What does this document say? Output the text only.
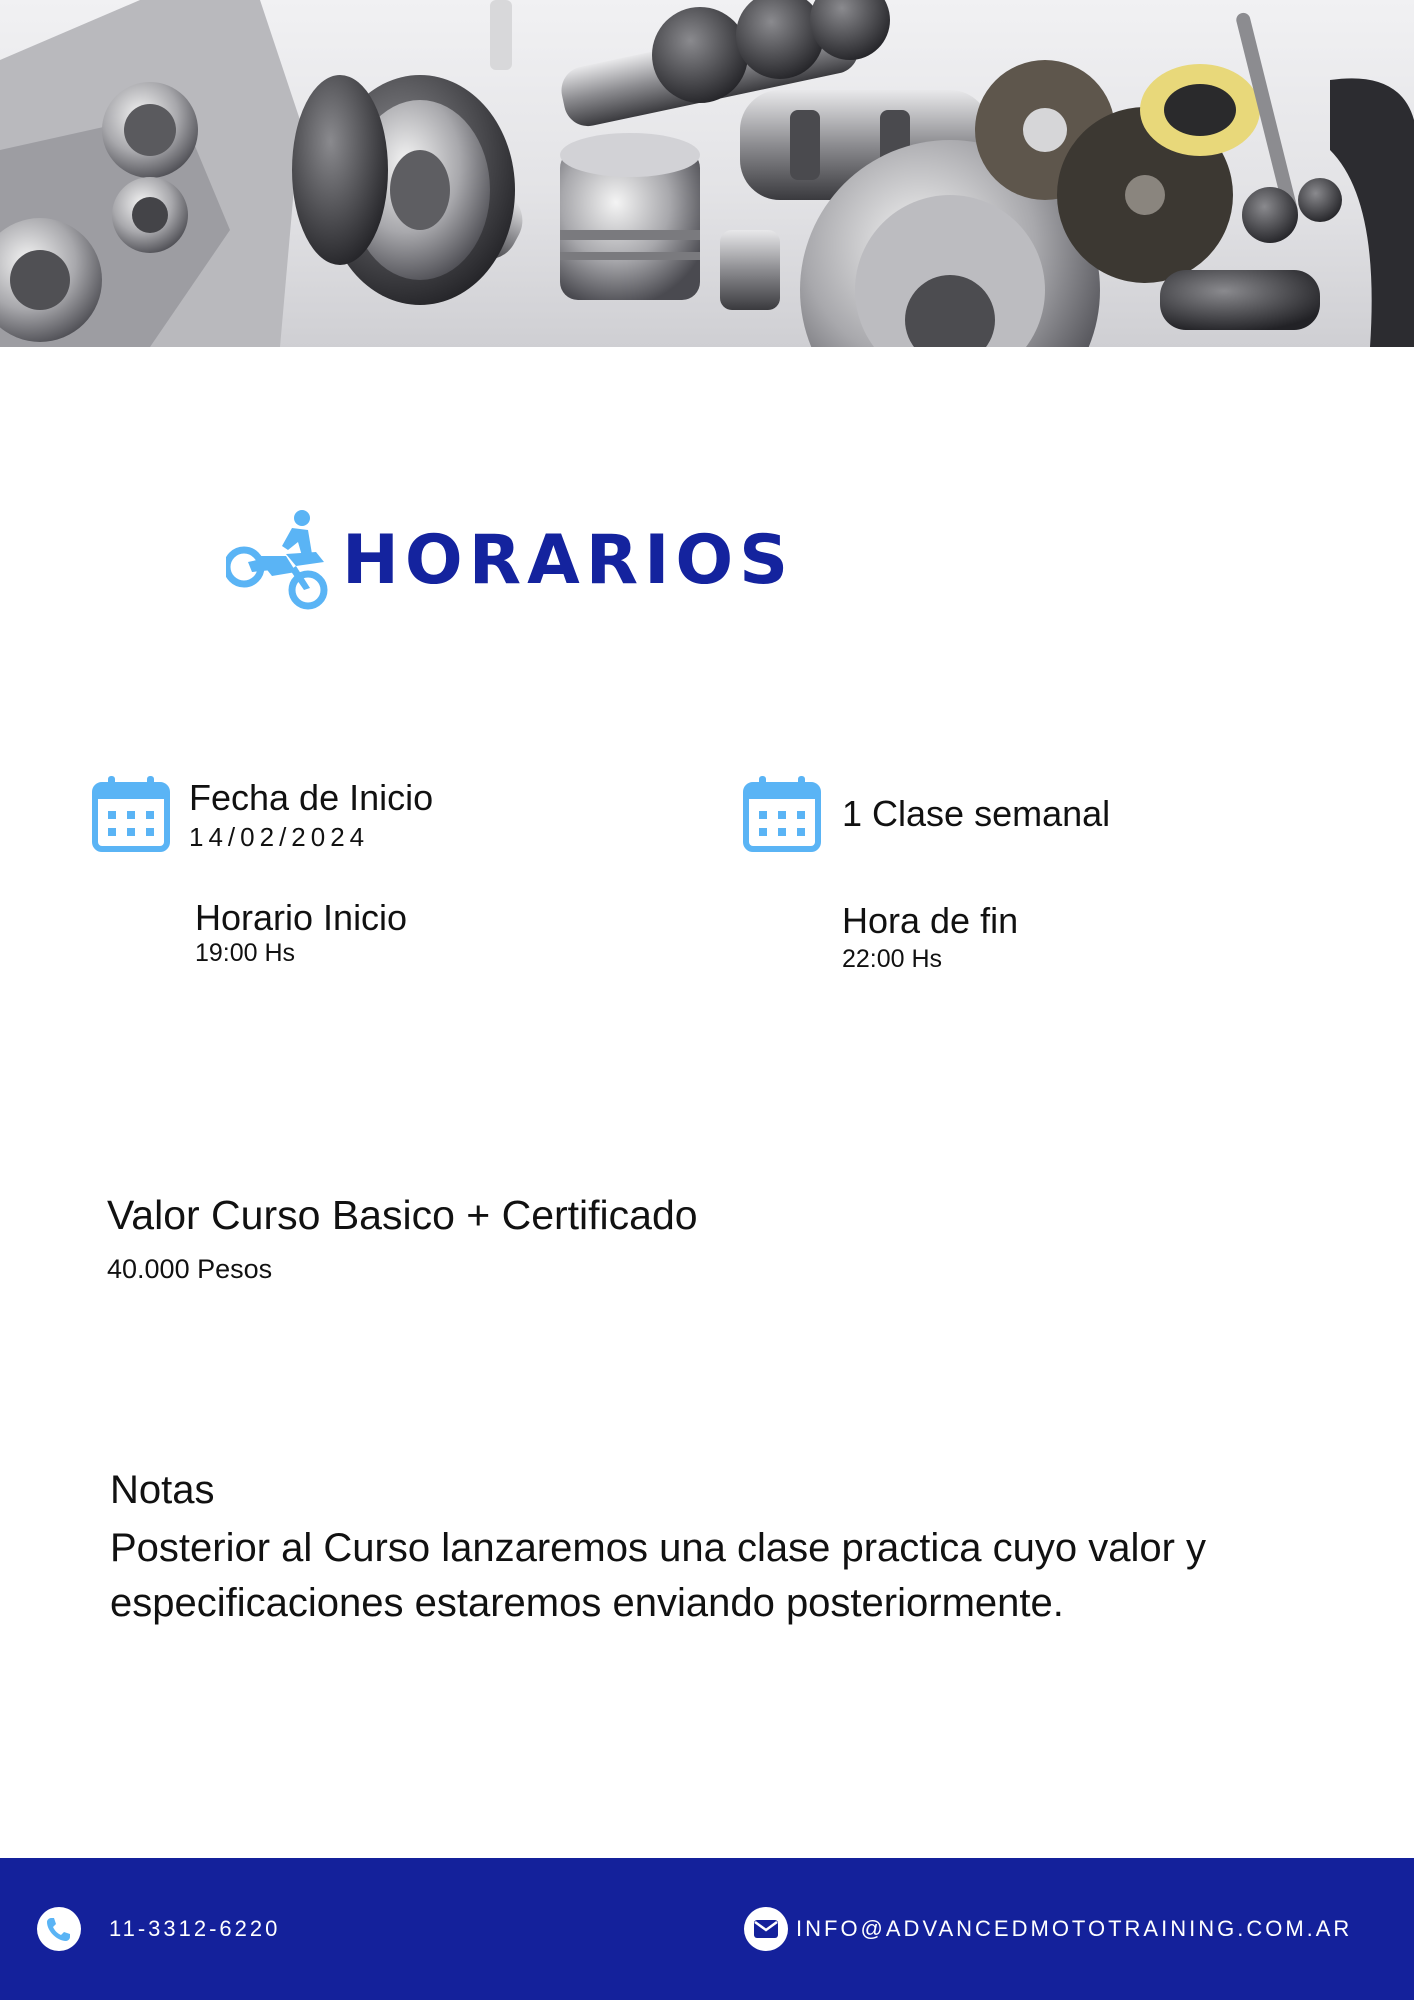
HORARIOS
Fecha de Inicio
14/02/2024
1 Clase semanal
Horario Inicio
19:00 Hs
Hora de fin
22:00 Hs
Valor Curso Basico + Certificado
40.000 Pesos
Notas
Posterior al Curso lanzaremos una clase practica cuyo valor y especificaciones estaremos enviando posteriormente.
11-3312-6220	INFO@ADVANCEDMOTOTRAINING.COM.AR
